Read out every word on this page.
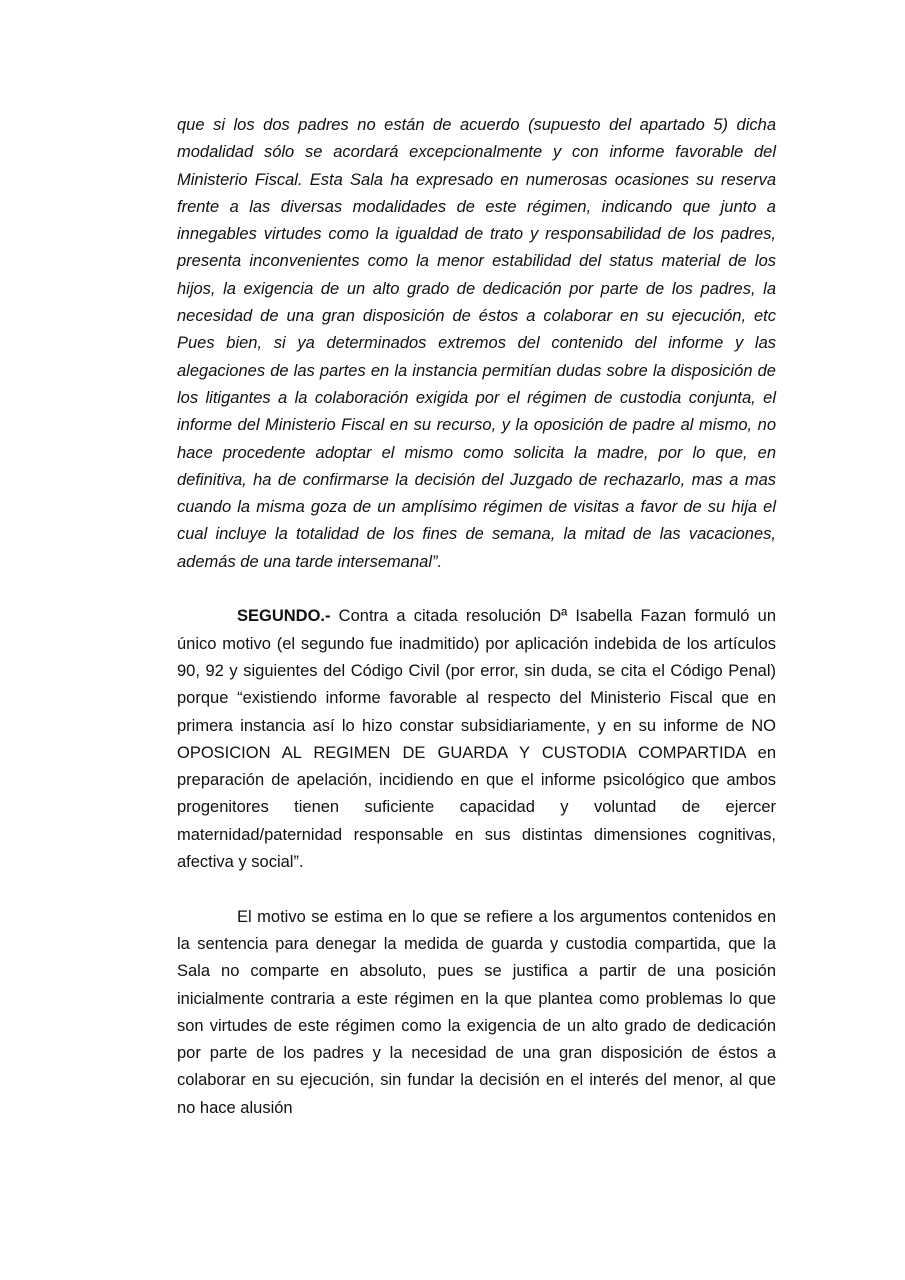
que si los dos padres no están de acuerdo (supuesto del apartado 5) dicha modalidad sólo se acordará excepcionalmente y con informe favorable del Ministerio Fiscal. Esta Sala ha expresado en numerosas ocasiones su reserva frente a las diversas modalidades de este régimen, indicando que junto a innegables virtudes como la igualdad de trato y responsabilidad de los padres, presenta inconvenientes como la menor estabilidad del status material de los hijos, la exigencia de un alto grado de dedicación por parte de los padres, la necesidad de una gran disposición de éstos a colaborar en su ejecución, etc Pues bien, si ya determinados extremos del contenido del informe y las alegaciones de las partes en la instancia permitían dudas sobre la disposición de los litigantes a la colaboración exigida por el régimen de custodia conjunta, el informe del Ministerio Fiscal en su recurso, y la oposición de padre al mismo, no hace procedente adoptar el mismo como solicita la madre, por lo que, en definitiva, ha de confirmarse la decisión del Juzgado de rechazarlo, mas a mas cuando la misma goza de un amplísimo régimen de visitas a favor de su hija el cual incluye la totalidad de los fines de semana, la mitad de las vacaciones, además de una tarde intersemanal”.

SEGUNDO.- Contra a citada resolución Dª Isabella Fazan formuló un único motivo (el segundo fue inadmitido) por aplicación indebida de los artículos 90, 92 y siguientes del Código Civil (por error, sin duda, se cita el Código Penal) porque “existiendo informe favorable al respecto del Ministerio Fiscal que en primera instancia así lo hizo constar subsidiariamente, y en su informe de NO OPOSICION AL REGIMEN DE GUARDA Y CUSTODIA COMPARTIDA en preparación de apelación, incidiendo en que el informe psicológico que ambos progenitores tienen suficiente capacidad y voluntad de ejercer maternidad/paternidad responsable en sus distintas dimensiones cognitivas, afectiva y social”.

El motivo se estima en lo que se refiere a los argumentos contenidos en la sentencia para denegar la medida de guarda y custodia compartida, que la Sala no comparte en absoluto, pues se justifica a partir de una posición inicialmente contraria a este régimen en la que plantea como problemas lo que son virtudes de este régimen como la exigencia de un alto grado de dedicación por parte de los padres y la necesidad de una gran disposición de éstos a colaborar en su ejecución, sin fundar la decisión en el interés del menor, al que no hace alusión
